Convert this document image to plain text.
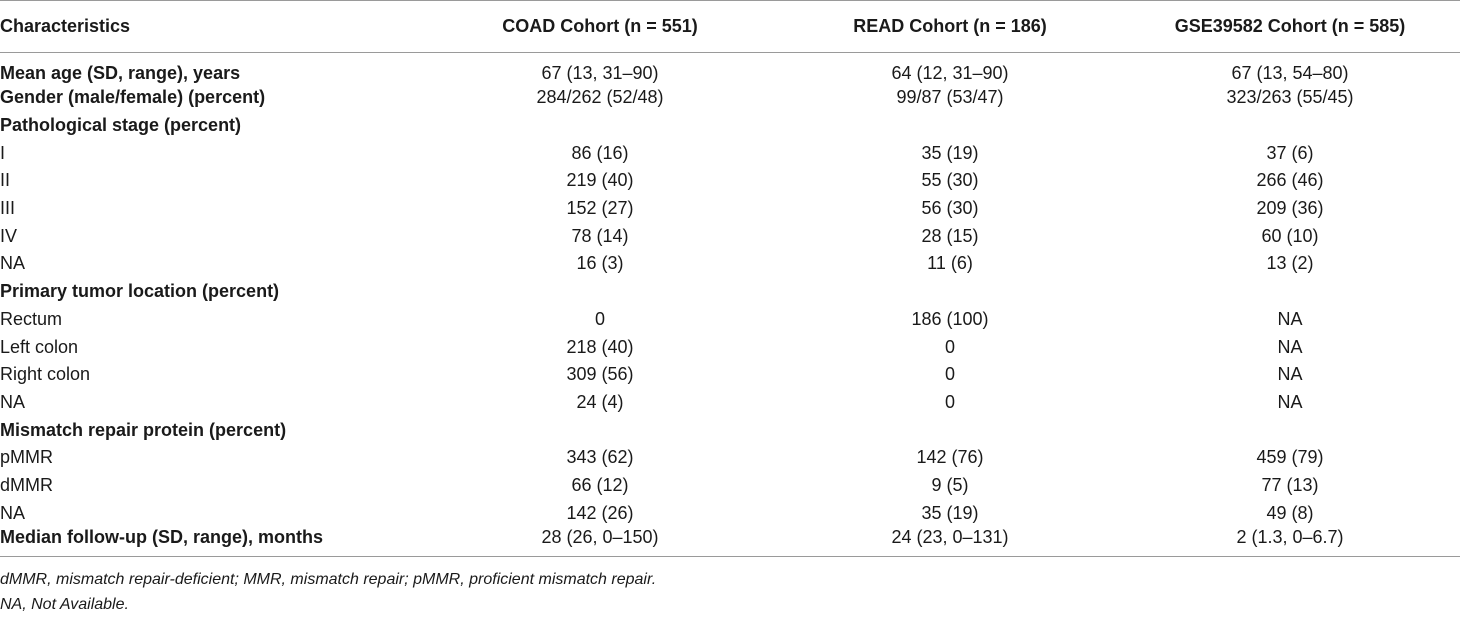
Characteristics	COAD Cohort (n = 551)	READ Cohort (n = 186)	GSE39582 Cohort (n = 585)
Mean age (SD, range), years	67 (13, 31–90)	64 (12, 31–90)	67 (13, 54–80)
Gender (male/female) (percent)	284/262 (52/48)	99/87 (53/47)	323/263 (55/45)
Pathological stage (percent)			
I	86 (16)	35 (19)	37 (6)
II	219 (40)	55 (30)	266 (46)
III	152 (27)	56 (30)	209 (36)
IV	78 (14)	28 (15)	60 (10)
NA	16 (3)	11 (6)	13 (2)
Primary tumor location (percent)			
Rectum	0	186 (100)	NA
Left colon	218 (40)	0	NA
Right colon	309 (56)	0	NA
NA	24 (4)	0	NA
Mismatch repair protein (percent)			
pMMR	343 (62)	142 (76)	459 (79)
dMMR	66 (12)	9 (5)	77 (13)
NA	142 (26)	35 (19)	49 (8)
Median follow-up (SD, range), months	28 (26, 0–150)	24 (23, 0–131)	2 (1.3, 0–6.7)
dMMR, mismatch repair-deficient; MMR, mismatch repair; pMMR, proficient mismatch repair.
NA, Not Available.
